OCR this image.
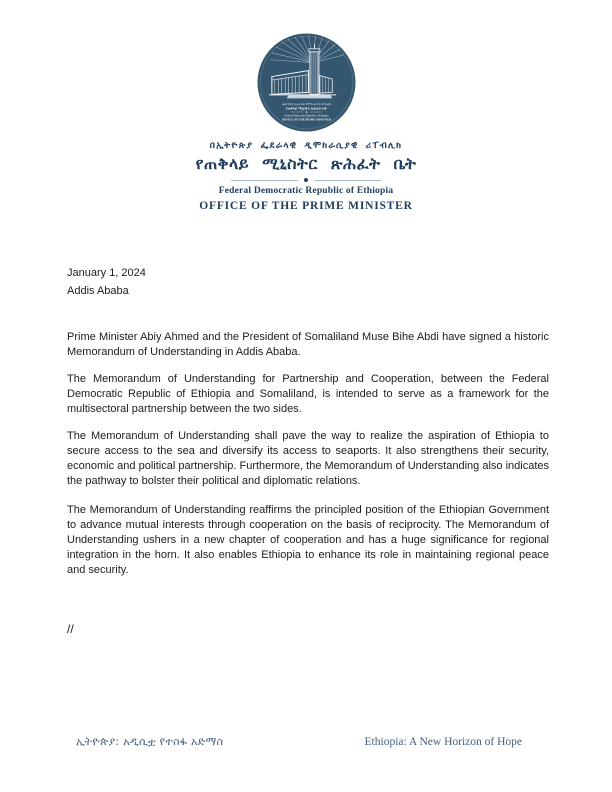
በኢትዮጵያ ፌደራላዊ ዲሞክራሲያዊ ሪፐብሊክ
የጠቅላይ ሚኒስትር ጽሕፈት ቤት
Federal Democratic Republic of Ethiopia
OFFICE OF THE PRIME MINISTER
በኢትዮጵያ ፌደራላዊ ዲሞክራሲያዊ ሪፐብሊክ
የጠቅላይ ሚኒስትር ጽሕፈት ቤት
Federal Democratic Republic of Ethiopia
OFFICE OF THE PRIME MINISTER
January 1, 2024
Addis Ababa

Prime Minister Abiy Ahmed and the President of Somaliland Muse Bihe Abdi have signed a historic Memorandum of Understanding in Addis Ababa.

The Memorandum of Understanding for Partnership and Cooperation, between the Federal Democratic Republic of Ethiopia and Somaliland, is intended to serve as a framework for the multisectoral partnership between the two sides.

The Memorandum of Understanding shall pave the way to realize the aspiration of Ethiopia to secure access to the sea and diversify its access to seaports. It also strengthens their security, economic and political partnership. Furthermore, the Memorandum of Understanding also indicates the pathway to bolster their political and diplomatic relations.

The Memorandum of Understanding reaffirms the principled position of the Ethiopian Government to advance mutual interests through cooperation on the basis of reciprocity. The Memorandum of Understanding ushers in a new chapter of cooperation and has a huge significance for regional integration in the horn. It also enables Ethiopia to enhance its role in maintaining regional peace and security.

//

ኢትዮጵያ: አዲሲቷ የተስፋ አድማስ	Ethiopia: A New Horizon of Hope
